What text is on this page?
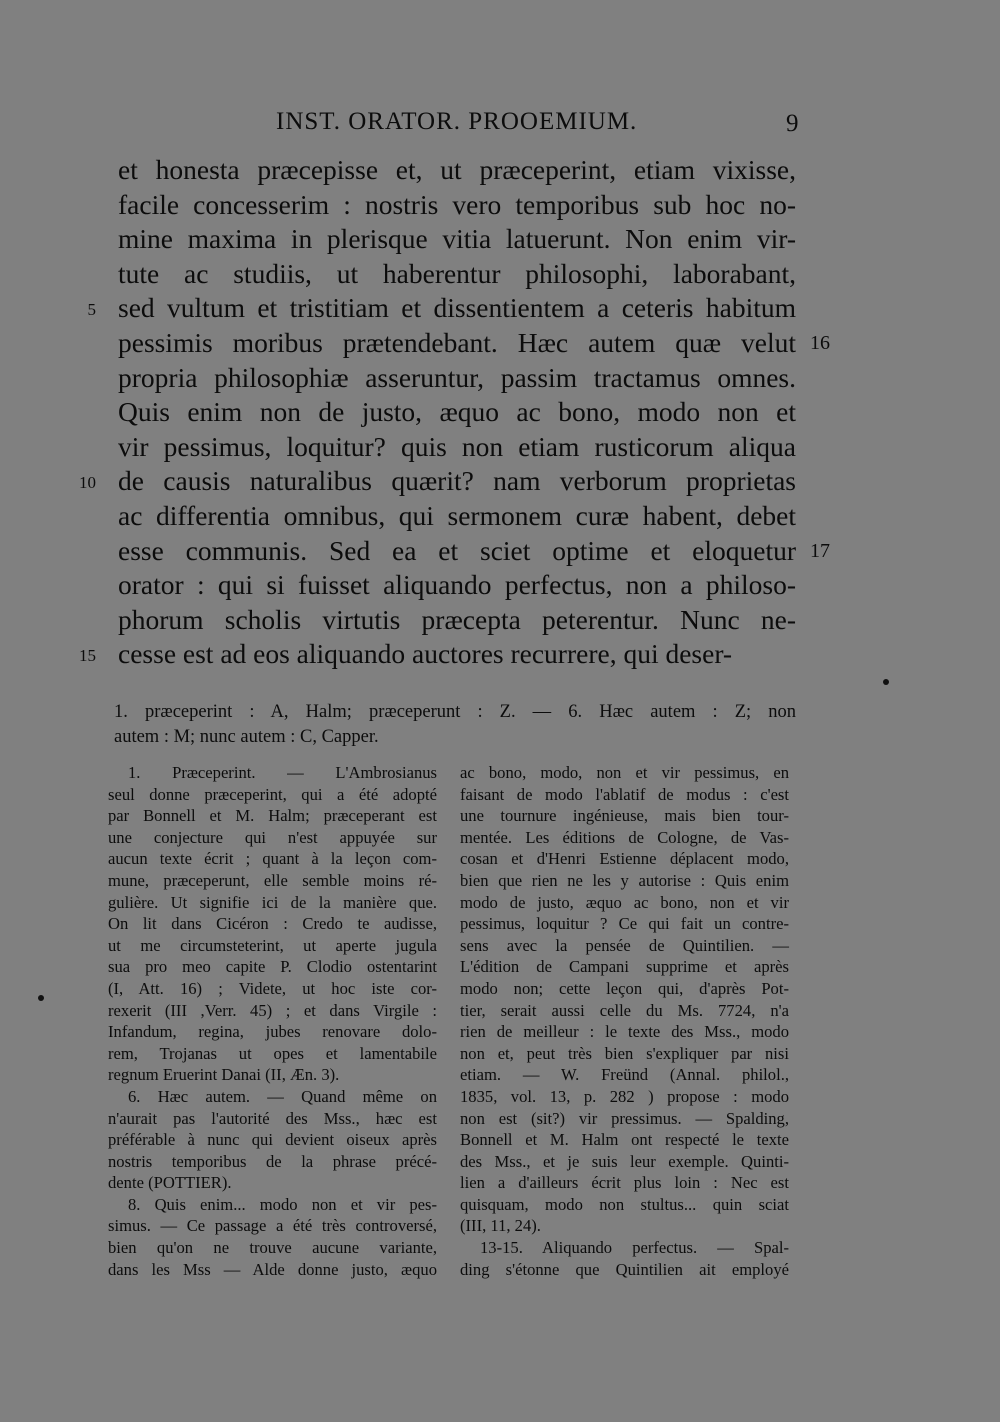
INST. ORATOR. PROOEMIUM.	9
et honesta præcepisse et, ut præceperint, etiam vixisse,
facile concesserim : nostris vero temporibus sub hoc no-
mine maxima in plerisque vitia latuerunt. Non enim vir-
tute ac studiis, ut haberentur philosophi, laborabant,
5 sed vultum et tristitiam et dissentientem a ceteris habitum
pessimis moribus prætendebant. Hæc autem quæ velut 16
propria philosophiæ asseruntur, passim tractamus omnes.
Quis enim non de justo, æquo ac bono, modo non et
vir pessimus, loquitur? quis non etiam rusticorum aliqua
10 de causis naturalibus quærit? nam verborum proprietas
ac differentia omnibus, qui sermonem curæ habent, debet
esse communis. Sed ea et sciet optime et eloquetur 17
orator : qui si fuisset aliquando perfectus, non a philoso-
phorum scholis virtutis præcepta peterentur. Nunc ne-
15 cesse est ad eos aliquando auctores recurrere, qui deser-
1. præceperint : A, Halm; præceperunt : Z. — 6. Hæc autem : Z; non
autem : M; nunc autem : C, Capper.
1. Præceperint. — L'Ambrosianus
seul donne præceperint, qui a été adopté
par Bonnell et M. Halm; præceperant est
une conjecture qui n'est appuyée sur
aucun texte écrit ; quant à la leçon com-
mune, præceperunt, elle semble moins ré-
gulière. Ut signifie ici de la manière que.
On lit dans Cicéron : Credo te audisse,
ut me circumsteterint, ut aperte jugula
sua pro meo capite P. Clodio ostentarint
(I, Att. 16) ; Videte, ut hoc iste cor-
rexerit (III ,Verr. 45) ; et dans Virgile :
Infandum, regina, jubes renovare dolo-
rem, Trojanas ut opes et lamentabile
regnum Eruerint Danai (II, Æn. 3).
6. Hæc autem. — Quand même on
n'aurait pas l'autorité des Mss., hæc est
préférable à nunc qui devient oiseux après
nostris temporibus de la phrase précé-
dente (POTTIER).
8. Quis enim... modo non et vir pes-
simus. — Ce passage a été très controversé,
bien qu'on ne trouve aucune variante,
dans les Mss — Alde donne justo, æquo
ac bono, modo, non et vir pessimus, en
faisant de modo l'ablatif de modus : c'est
une tournure ingénieuse, mais bien tour-
mentée. Les éditions de Cologne, de Vas-
cosan et d'Henri Estienne déplacent modo,
bien que rien ne les y autorise : Quis enim
modo de justo, æquo ac bono, non et vir
pessimus, loquitur ? Ce qui fait un contre-
sens avec la pensée de Quintilien. —
L'édition de Campani supprime et après
modo non; cette leçon qui, d'après Pot-
tier, serait aussi celle du Ms. 7724, n'a
rien de meilleur : le texte des Mss., modo
non et, peut très bien s'expliquer par nisi
etiam. — W. Freünd (Annal. philol.,
1835, vol. 13, p. 282 ) propose : modo
non est (sit?) vir pressimus. — Spalding,
Bonnell et M. Halm ont respecté le texte
des Mss., et je suis leur exemple. Quinti-
lien a d'ailleurs écrit plus loin : Nec est
quisquam, modo non stultus... quin sciat
(III, 11, 24).
13-15. Aliquando perfectus. — Spal-
ding s'étonne que Quintilien ait employé
